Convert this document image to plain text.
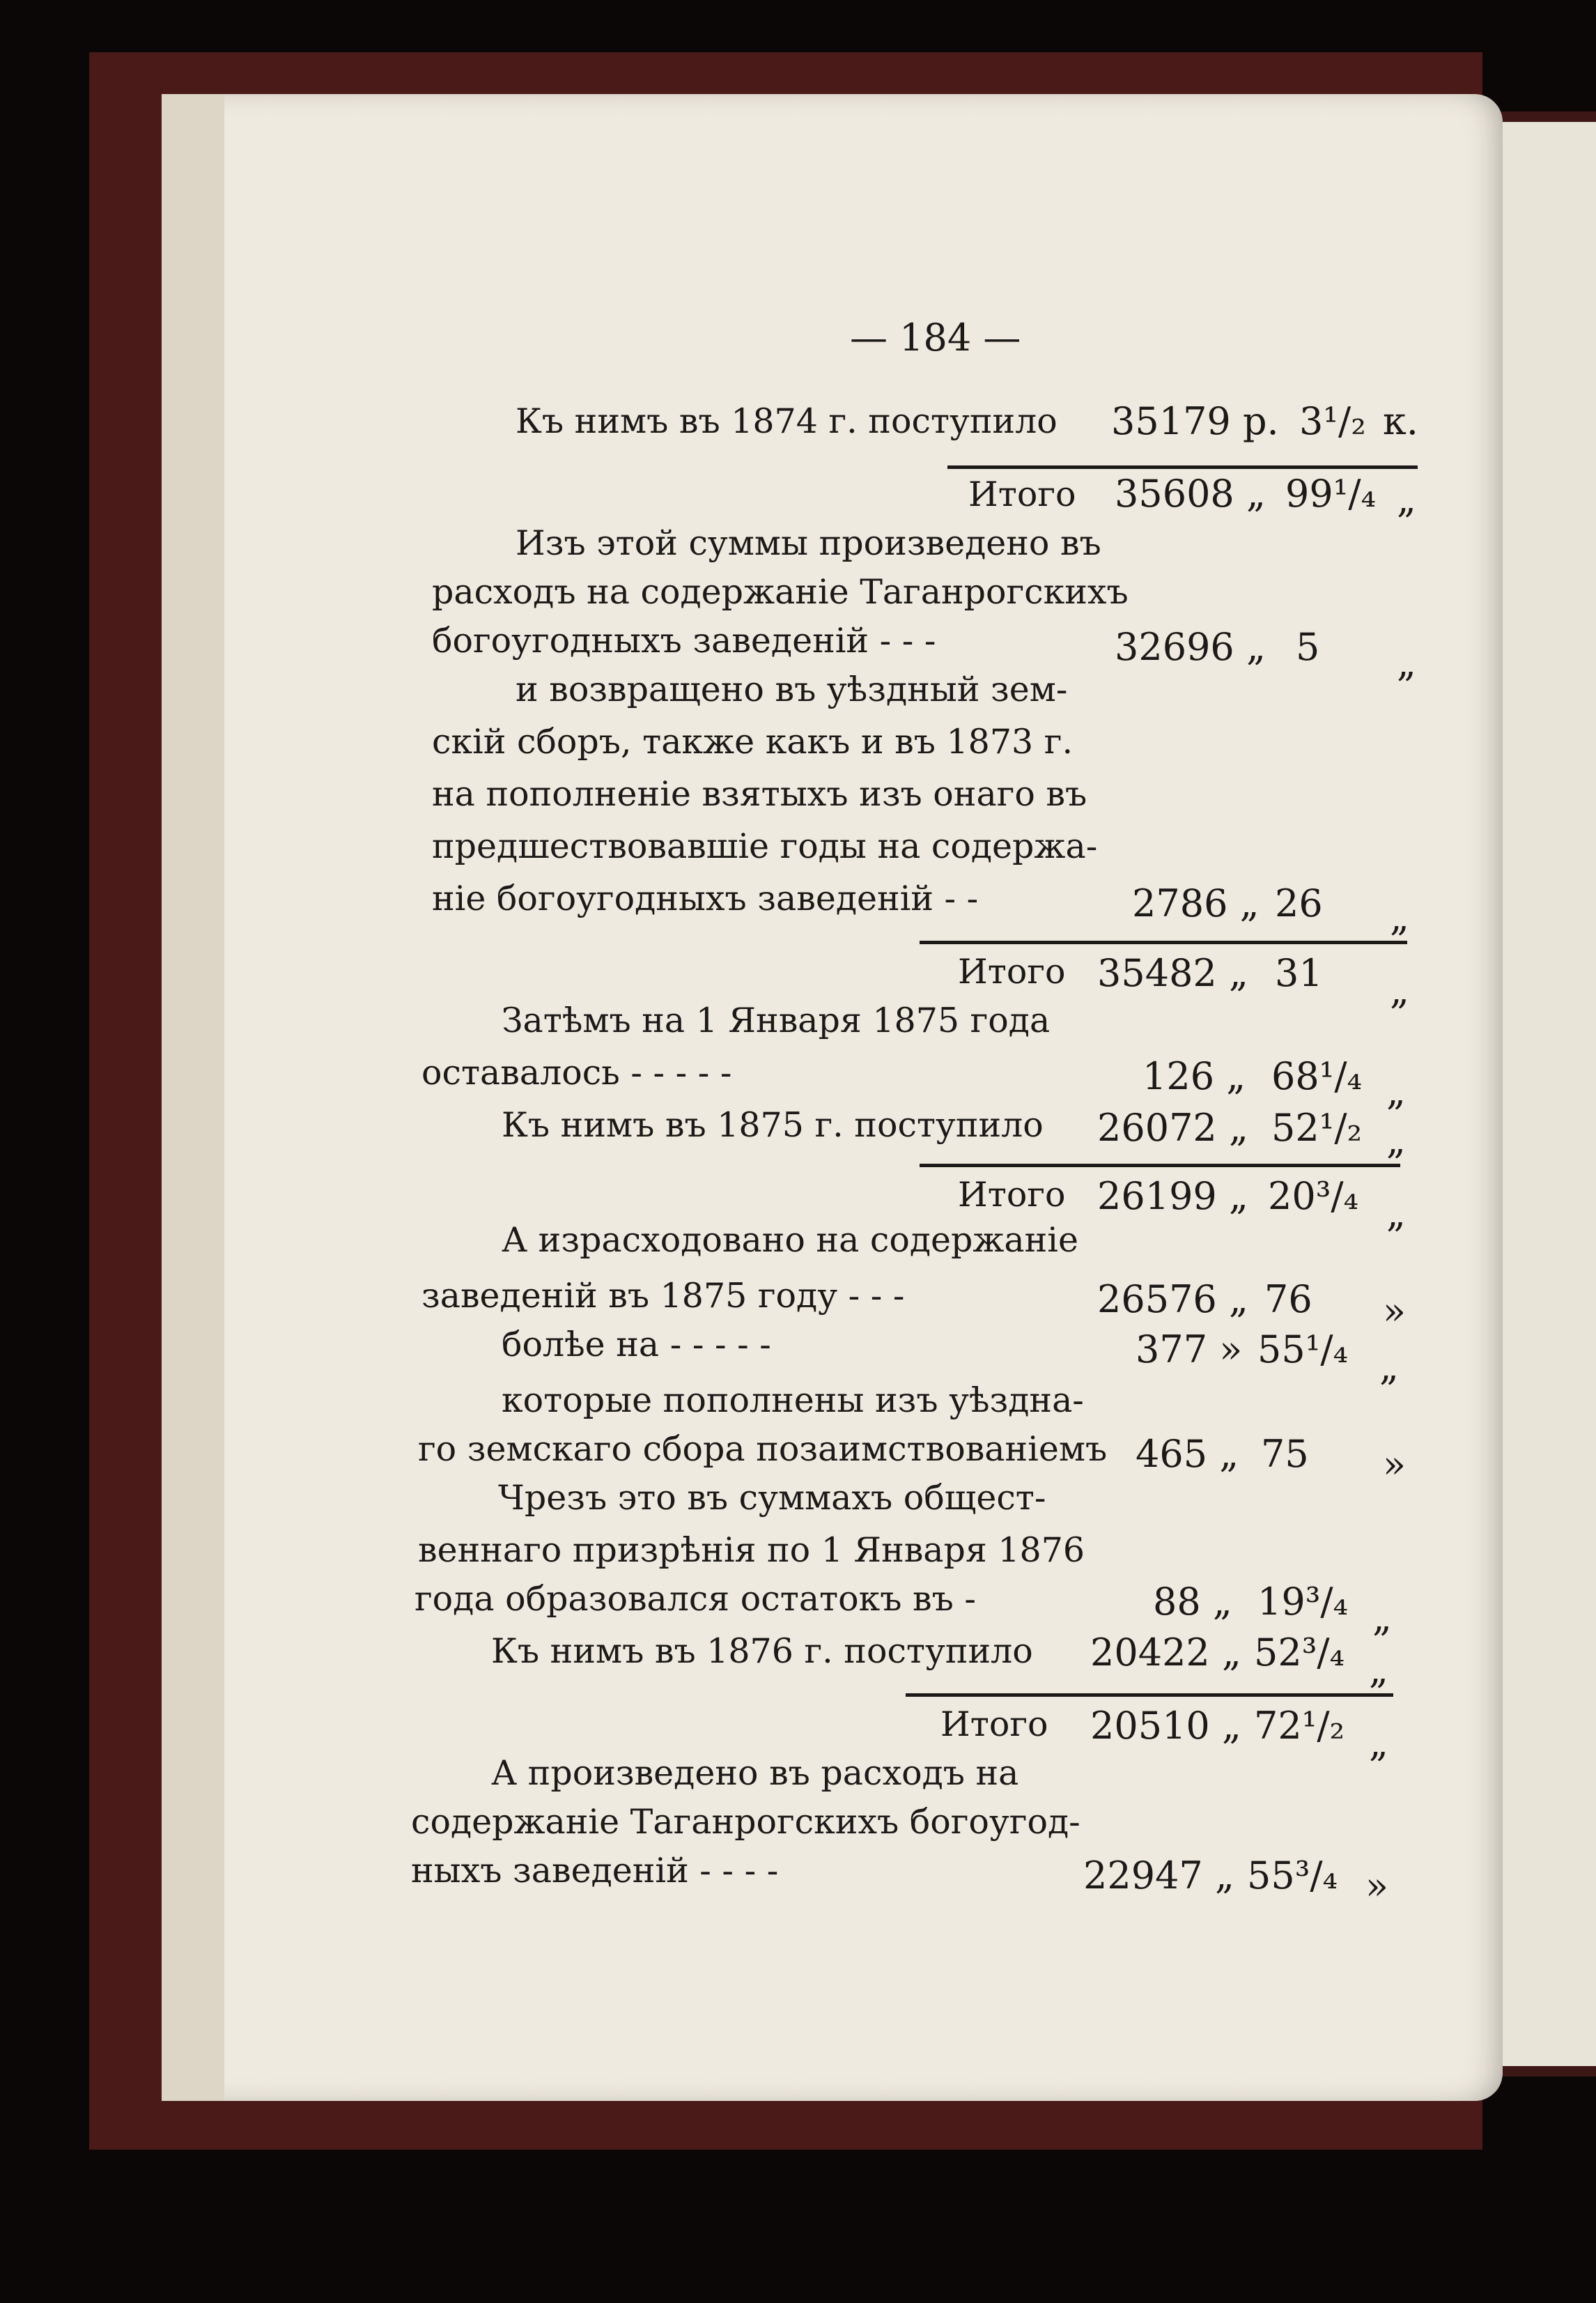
— 184 —
Къ нимъ въ 1874 г. поступило
Итого
Изъ этой суммы произведено въ
расходъ на содержаніе Таганрогскихъ
богоугодныхъ заведеній - - -
и возвращено въ уѣздный зем-
скій сборъ, также какъ и въ 1873 г.
на пополненіе взятыхъ изъ онаго въ
предшествовавшіе годы на содержа-
ніе богоугодныхъ заведеній - -
Итого
Затѣмъ на 1 Января 1875 года
оставалось - - - - -
Къ нимъ въ 1875 г. поступило
Итого
А израсходовано на содержаніе
заведеній въ 1875 году - - -
болѣе на - - - - -
которые пополнены изъ уѣздна-
го земскаго сбора позаимствованіемъ
Чрезъ это въ суммахъ общест-
веннаго призрѣнія по 1 Января 1876
года образовался остатокъ въ -
Къ нимъ въ 1876 г. поступило
Итого
А произведено въ расходъ на
содержаніе Таганрогскихъ богоугод-
ныхъ заведеній - - - -
35179 р.
35608 „
32696 „
2786 „
35482 „
126 „
26072 „
26199 „
26576 „
377 »
465 „
88 „
20422 „
20510 „
22947 „
3¹/₂
99¹/₄
5
26
31
68¹/₄
52¹/₂
20³/₄
76
55¹/₄
75
19³/₄
52³/₄
72¹/₂
55³/₄
к.
„
„
„
„
„
„
„
»
„
»
„
„
„
»
